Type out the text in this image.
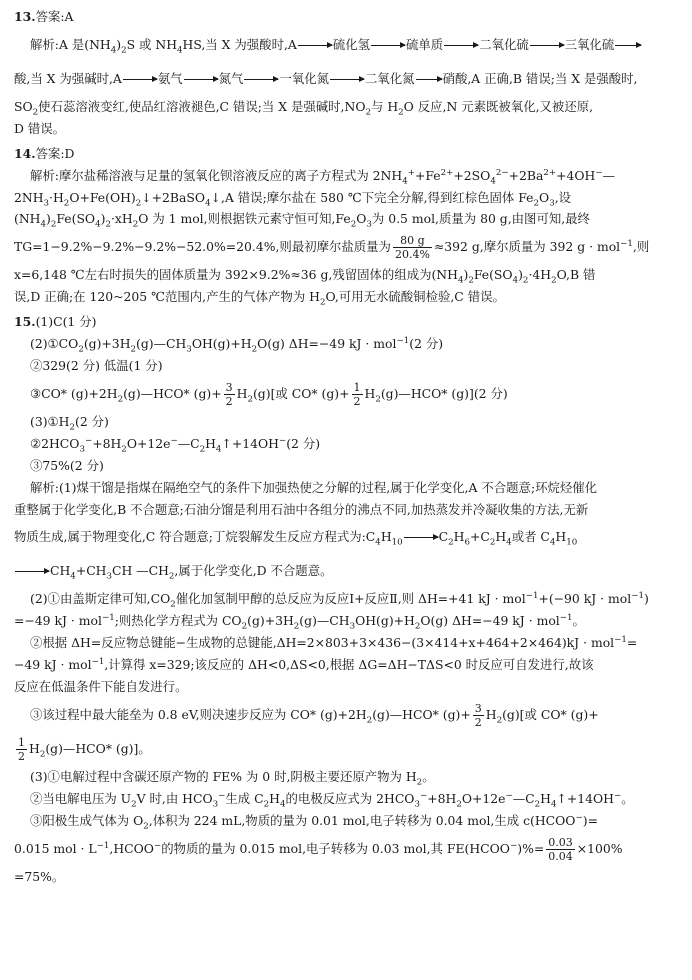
13.答案:A
解析:A 是$(NH_4)_2S$ 或 $NH_4HS$,当 X 为强酸时,A	硫化氢	硫单质	二氧化硫	三氧化硫
酸,当 X 为强碱时,A	氨气	氮气	一氧化氮	二氧化氮 硝酸,A 正确,B 错误;当 X 是强酸时,
$SO_2$使石蕊溶液变红,使品红溶液褪色,C 错误;当 X 是强碱时$,NO_2$与 $H_2O$ 反应,N 元素既被氧化,又被还原,
D 错误。
14.答案:D
解析:摩尔盐稀溶液与足量的氢氧化钡溶液反应的离子方程式为 $2NH_4^++Fe^{2+}+2SO_4^{2-}+2Ba^{2+}+4OH^-—$
$2NH_3\cdot H_2O+Fe(OH)_2↓+2BaSO_4↓,A$ 错误;摩尔盐在 580 ℃下完全分解,得到红棕色固体 $Fe_2O_3$,设
$(NH_4)_2Fe(SO_4)_2\cdot xH_2O$ 为 1 mol,则根据铁元素守恒可知$,Fe_2O_3$为 0.5 mol,质量为 80 g,由图可知,最终
TG=1−9.2%−9.2%−9.2%−52.0%=20.4%,则最初摩尔盐质量为 $\frac{80 g}{20.4\%} \approx 392$ g,摩尔质量为 392 g · mol$^{-1}$,则
x=6,148 ℃左右时损失的固体质量为 392×9.2%≈36 g,残留固体的组成为$(NH_4)_2Fe(SO_4)_2\cdot 4H_2O,B$ 错
误,D 正确;在 120~205 ℃范围内,产生的气体产物为 $H_2O$,可用无水硫酸铜检验,C 错误。
15.(1)C(1 分)
$(2)①CO_2(g)+3H_2(g)—CH_3OH(g)+H_2O(g)$ ΔH=−49 kJ · mol$^{-1}$(2 分)
②329(2 分) 低温(1 分)
③CO* $(g)+2H_2(g)—HCO*$ $(g)+ \frac{3}{2} H_2(g)$[或 CO* $(g)+ \frac{1}{2}$ $H_2(g)—HCO*$ (g)](2 分)
$(3)①H_2(2$ 分)
$②2HCO_3^-+8H_2O+12e^-—C_2H_4↑+14OH^-(2$ 分)
③75%(2 分)
解析:(1)煤干馏是指煤在隔绝空气的条件下加强热使之分解的过程,属于化学变化,A 不合题意;环烷烃催化
重整属于化学变化,B 不合题意;石油分馏是利用石油中各组分的沸点不同,加热蒸发并冷凝收集的方法,无新
物质生成,属于物理变化,C 符合题意;丁烷裂解发生反应方程式为$:C_4H_{10}$	$C_2H_6+C_2H_4$或者 $C_4H_{10}$
$CH_4+CH_3CH$ $—CH_2$,属于化学变化,D 不合题意。
(2)①由盖斯定律可知$,CO_2$催化加氢制甲醇的总反应为反应Ⅰ+反应Ⅱ,则 ΔH=+41 kJ · mol$^{-1}$+(−90 kJ · mol$^{-1}$)
=−49 kJ · mol$^{-1}$;则热化学方程式为 $CO_2(g)+3H_2(g)—CH_3OH(g)+H_2O(g)$ ΔH=−49 kJ · mol$^{-1}$。
②根据 ΔH=反应物总键能−生成物的总键能,ΔH=2×803+3×436−(3×414+x+464+2×464)kJ · mol$^{-1}$=
−49 kJ · mol$^{-1}$,计算得 x=329;该反应的 ΔH<0,ΔS<0,根据 ΔG=ΔH−TΔS<0 时反应可自发进行,故该
反应在低温条件下能自发进行。
③该过程中最大能垒为 0.8 eV,则决速步反应为 CO* $(g)+2H_2(g)—HCO*$ $(g)+ \frac{3}{2} H_2(g)$[或 CO* (g)+
$\frac{1}{2}$ $H_2(g)—HCO*$ (g)]。
(3)①电解过程中含碳还原产物的 FE% 为 0 时,阴极主要还原产物为 $H_2$。
②当电解电压为 $U_2V$ 时,由 $HCO_3^-$生成 $C_2H_4$的电极反应式为 $2HCO_3^-+8H_2O+12e^-—C_2H_4↑+14OH^-$。
③阳极生成气体为 $O_2$,体积为 224 mL,物质的量为 0.01 mol,电子转移为 0.04 mol,生成 c(HCOO−)=
0.015 mol · $L^{-1},HCOO^-$的物质的量为 0.015 mol,电子转移为 0.03 mol,其 FE(HCOO−)%= $\frac{0.03}{0.04} \times 100\%$
=75%。
